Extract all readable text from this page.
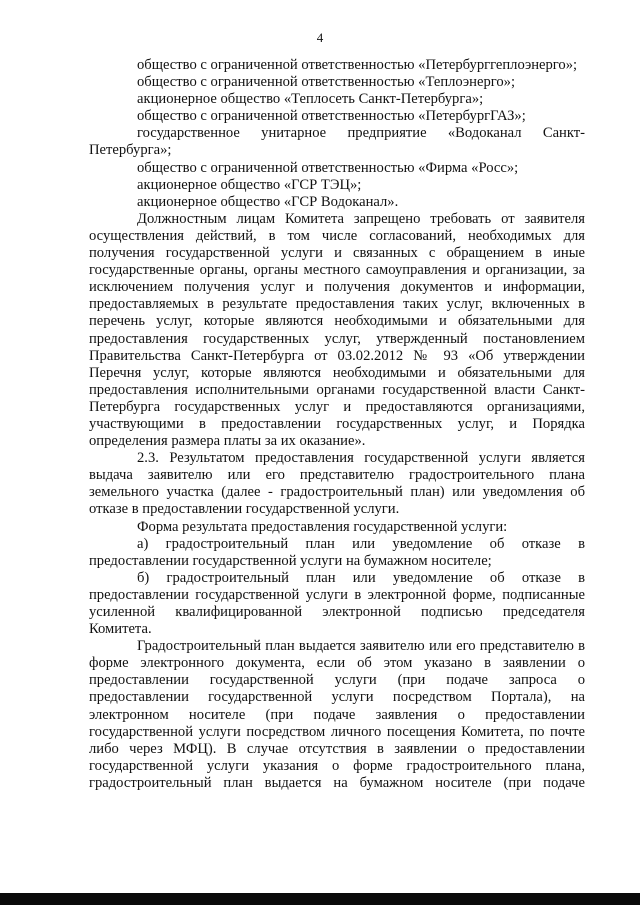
4

общество с ограниченной ответственностью «Петербурггеплоэнерго»;

общество с ограниченной ответственностью «Теплоэнерго»;

акционерное общество «Теплосеть Санкт-Петербурга»;

общество с ограниченной ответственностью «ПетербургГАЗ»;

государственное унитарное предприятие «Водоканал Санкт-Петербурга»;

общество с ограниченной ответственностью «Фирма «Росс»;

акционерное общество «ГСР ТЭЦ»;

акционерное общество «ГСР Водоканал».

Должностным лицам Комитета запрещено требовать от заявителя осуществления действий, в том числе согласований, необходимых для получения государственной услуги и связанных с обращением в иные государственные органы, органы местного самоуправления и организации, за исключением получения услуг и получения документов и информации, предоставляемых в результате предоставления таких услуг, включенных в перечень услуг, которые являются необходимыми и обязательными для предоставления государственных услуг, утвержденный постановлением Правительства Санкт-Петербурга от 03.02.2012 № 93 «Об утверждении Перечня услуг, которые являются необходимыми и обязательными для предоставления исполнительными органами государственной власти Санкт-Петербурга государственных услуг и предоставляются организациями, участвующими в предоставлении государственных услуг, и Порядка определения размера платы за их оказание».

2.3. Результатом предоставления государственной услуги является выдача заявителю или его представителю градостроительного плана земельного участка (далее - градостроительный план) или уведомления об отказе в предоставлении государственной услуги.

Форма результата предоставления государственной услуги:

а) градостроительный план или уведомление об отказе в предоставлении государственной услуги на бумажном носителе;

б) градостроительный план или уведомление об отказе в предоставлении государственной услуги в электронной форме, подписанные усиленной квалифицированной электронной подписью председателя Комитета.

Градостроительный план выдается заявителю или его представителю в форме электронного документа, если об этом указано в заявлении о предоставлении государственной услуги (при подаче запроса о предоставлении государственной услуги посредством Портала), на электронном носителе (при подаче заявления о предоставлении государственной услуги посредством личного посещения Комитета, по почте либо через МФЦ). В случае отсутствия в заявлении о предоставлении государственной услуги указания о форме градостроительного плана, градостроительный план выдается на бумажном носителе (при подаче
